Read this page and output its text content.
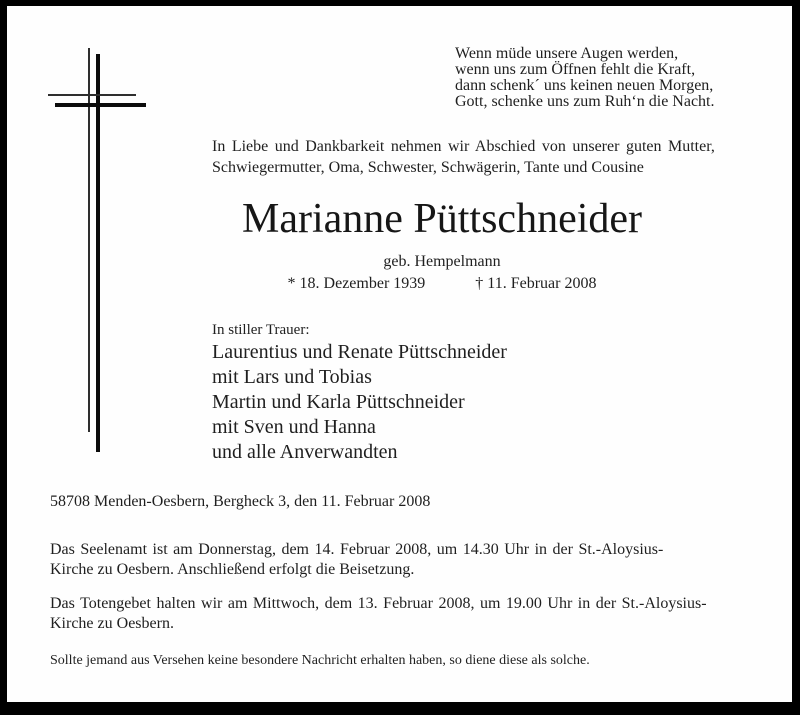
Wenn müde unsere Augen werden,
wenn uns zum Öffnen fehlt die Kraft,
dann schenk´ uns keinen neuen Morgen,
Gott, schenke uns zum Ruh‘n die Nacht.
In Liebe und Dankbarkeit nehmen wir Abschied von unserer guten Mutter,
Schwiegermutter, Oma, Schwester, Schwägerin, Tante und Cousine
Marianne Püttschneider
geb. Hempelmann
* 18. Dezember 1939	† 11. Februar 2008
In stiller Trauer:
Laurentius und Renate Püttschneider
mit Lars und Tobias
Martin und Karla Püttschneider
mit Sven und Hanna
und alle Anverwandten
58708 Menden-Oesbern, Bergheck 3, den 11. Februar 2008
Das Seelenamt ist am Donnerstag, dem 14. Februar 2008, um 14.30 Uhr in der St.-Aloysius-
Kirche zu Oesbern. Anschließend erfolgt die Beisetzung.
Das Totengebet halten wir am Mittwoch, dem 13. Februar 2008, um 19.00 Uhr in der St.-Aloysius-
Kirche zu Oesbern.
Sollte jemand aus Versehen keine besondere Nachricht erhalten haben, so diene diese als solche.
